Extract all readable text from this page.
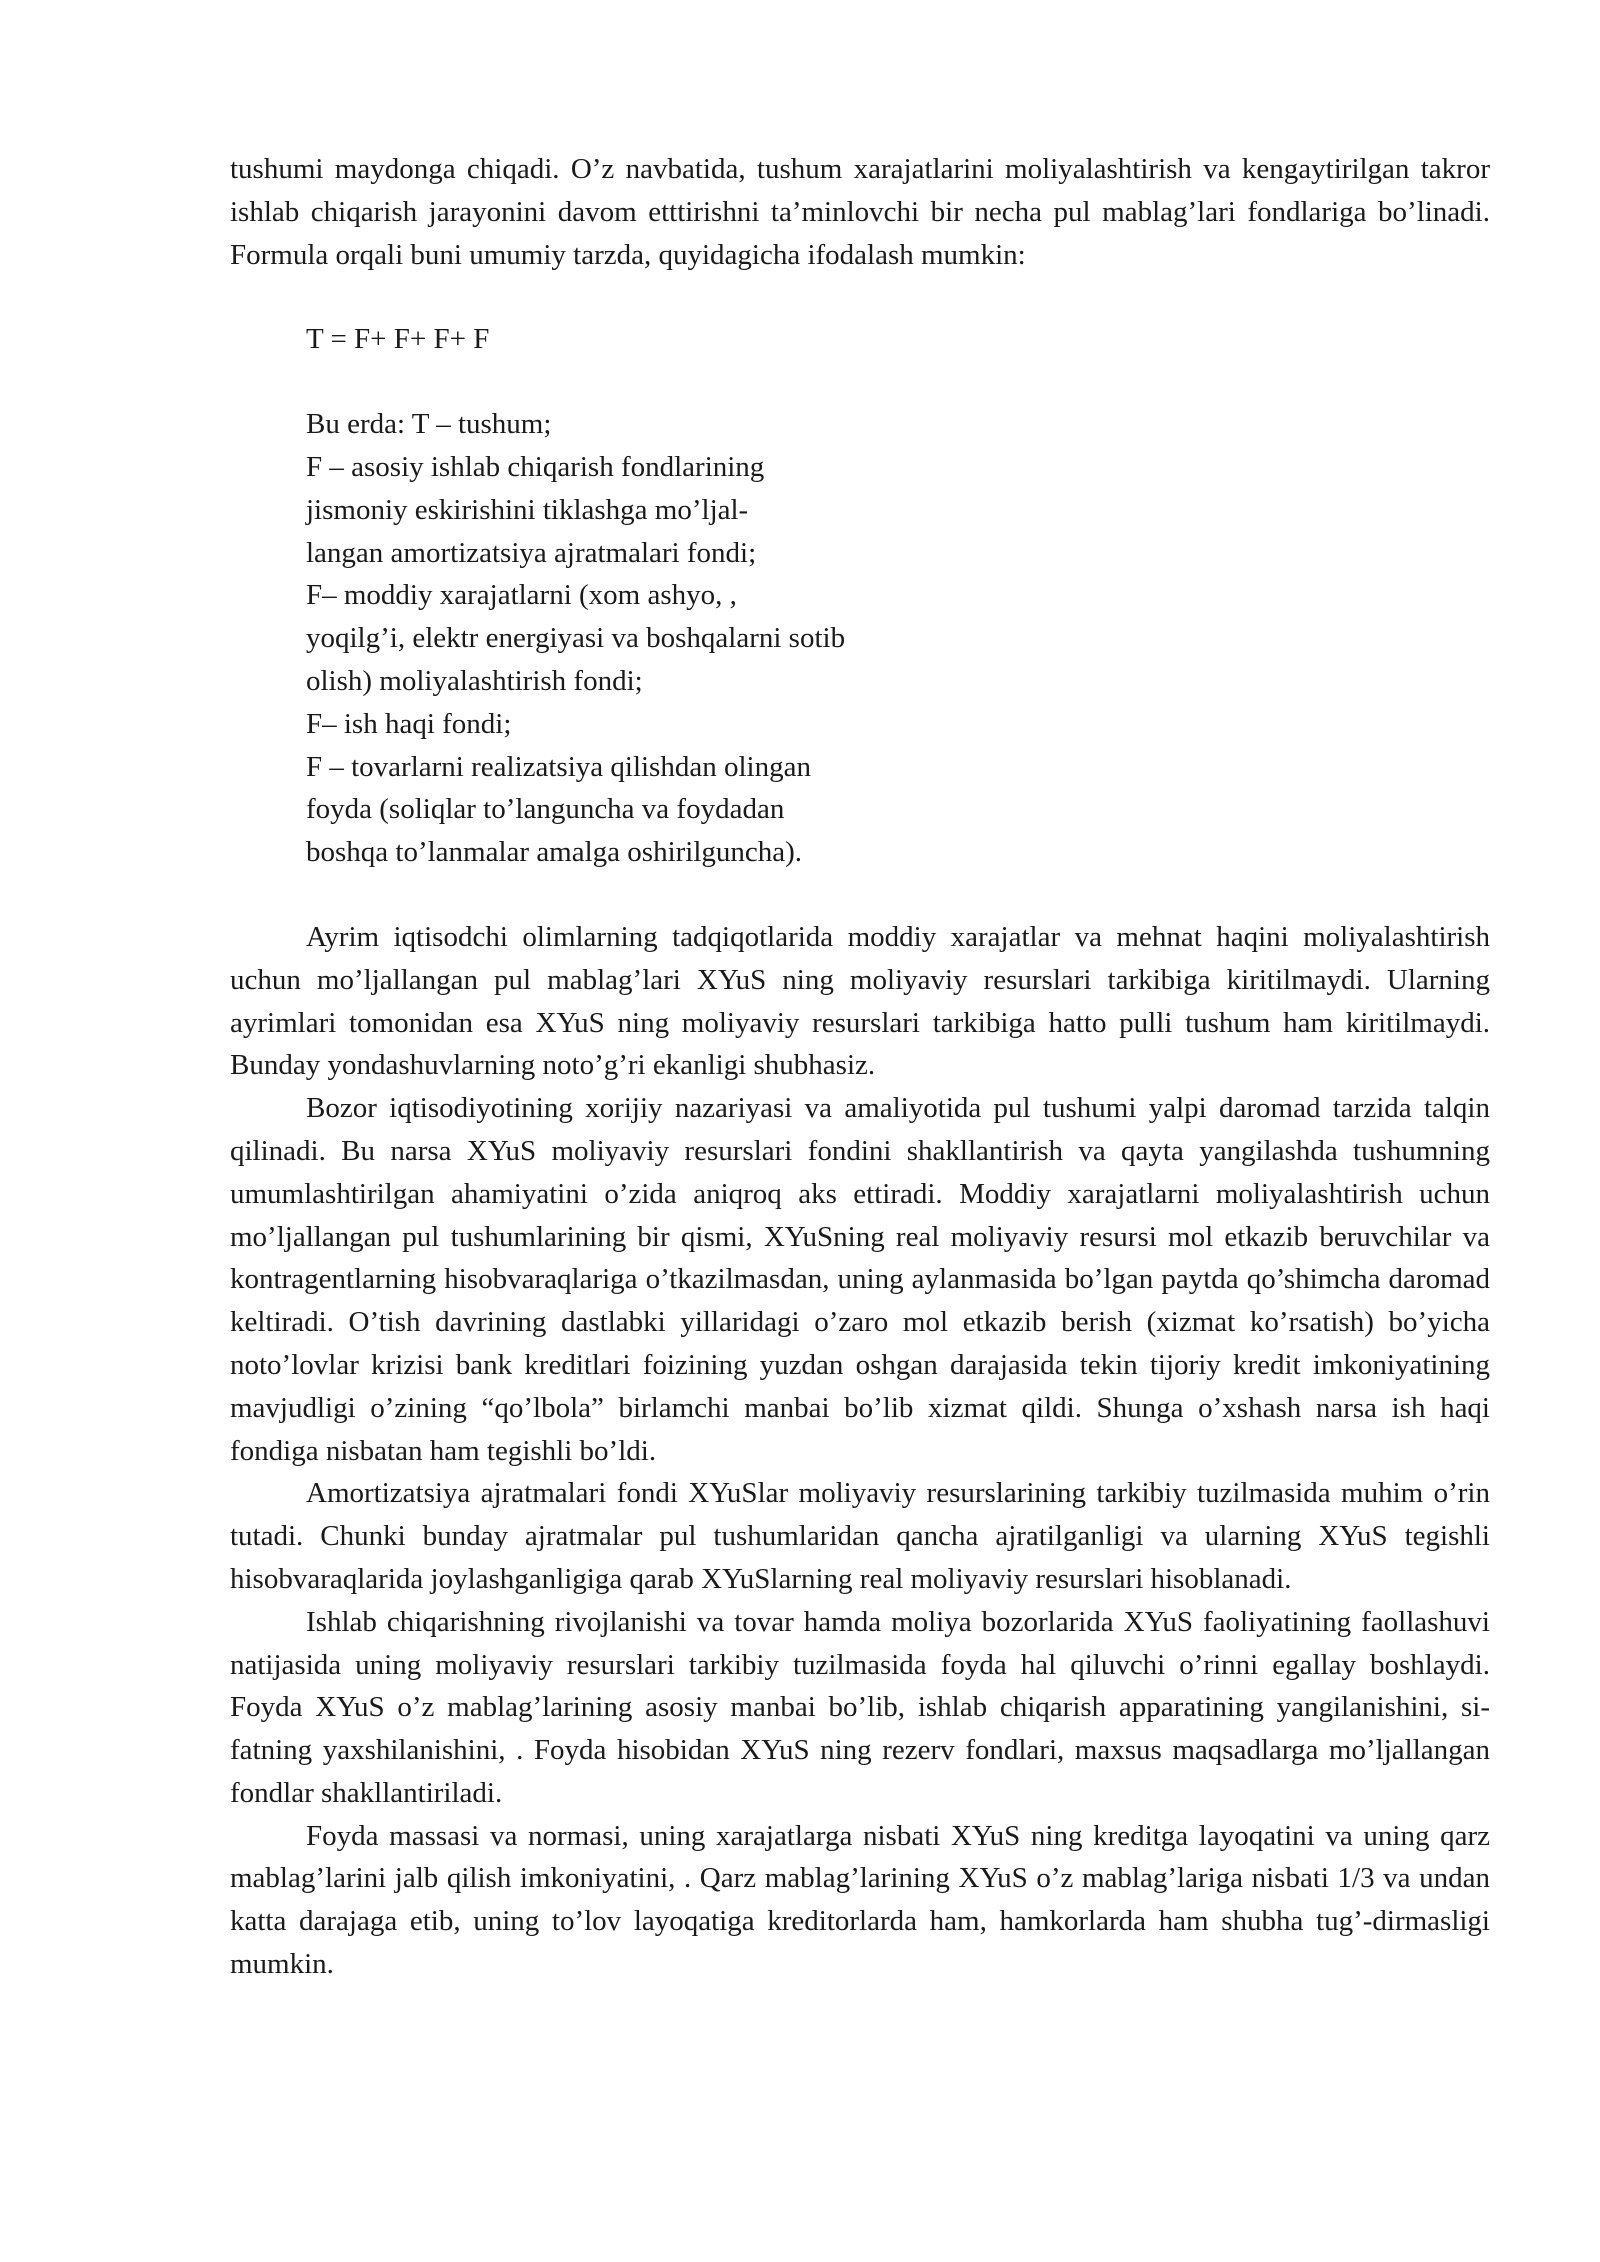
tushumi maydonga chiqadi. O’z navbatida, tushum xarajatlarini moliyalashtirish va kengaytirilgan takror ishlab chiqarish jarayonini davom etttirishni ta’minlovchi bir necha pul mablag’lari fondlariga bo’linadi. Formula orqali buni umumiy tarzda, quyidagicha ifodalash mumkin:

T = F+ F+ F+ F
Bu erda: T – tushum;
F – asosiy ishlab chiqarish fondlarining
jismoniy eskirishini tiklashga mo’ljal-
langan amortizatsiya ajratmalari fondi;
F– moddiy xarajatlarni (xom ashyo, ,
yoqilg’i, elektr energiyasi va boshqalarni sotib
olish) moliyalashtirish fondi;
F– ish haqi fondi;
F – tovarlarni realizatsiya qilishdan olingan
foyda (soliqlar to’languncha va foydadan
boshqa to’lanmalar amalga oshirilguncha).

Ayrim iqtisodchi olimlarning tadqiqotlarida moddiy xarajatlar va mehnat haqini moliyalashtirish uchun mo’ljallangan pul mablag’lari XYuS ning moliyaviy resurslari tarkibiga kiritilmaydi. Ularning ayrimlari tomonidan esa XYuS ning moliyaviy resurslari tarkibiga hatto pulli tushum ham kiritilmaydi. Bunday yondashuvlarning noto’g’ri ekanligi shubhasiz.

Bozor iqtisodiyotining xorijiy nazariyasi va amaliyotida pul tushumi yalpi daromad tarzida talqin qilinadi. Bu narsa XYuS moliyaviy resurslari fondini shakllantirish va qayta yangilashda tushumning umumlashtirilgan ahamiyatini o’zida aniqroq aks ettiradi. Moddiy xarajatlarni moliyalashtirish uchun mo’ljallangan pul tushumlarining bir qismi, XYuSning real moliyaviy resursi mol etkazib beruvchilar va kontragentlarning hisobvaraqlariga o’tkazilmasdan, uning aylanmasida bo’lgan paytda qo’shimcha daromad keltiradi. O’tish davrining dastlabki yillaridagi o’zaro mol etkazib berish (xizmat ko’rsatish) bo’yicha noto’lovlar krizisi bank kreditlari foizining yuzdan oshgan darajasida tekin tijoriy kredit imkoniyatining mavjudligi o’zining “qo’lbola” birlamchi manbai bo’lib xizmat qildi. Shunga o’xshash narsa ish haqi fondiga nisbatan ham tegishli bo’ldi.

Amortizatsiya ajratmalari fondi XYuSlar moliyaviy resurslarining tarkibiy tuzilmasida muhim o’rin tutadi. Chunki bunday ajratmalar pul tushumlaridan qancha ajratilganligi va ularning XYuS tegishli hisobvaraqlarida joylashganligiga qarab XYuSlarning real moliyaviy resurslari hisoblanadi.

Ishlab chiqarishning rivojlanishi va tovar hamda moliya bozorlarida XYuS faoliyatining faollashuvi natijasida uning moliyaviy resurslari tarkibiy tuzilmasida foyda hal qiluvchi o’rinni egallay boshlaydi. Foyda XYuS o’z mablag’larining asosiy manbai bo’lib, ishlab chiqarish apparatining yangilanishini, si-fatning yaxshilanishini, . Foyda hisobidan XYuS ning rezerv fondlari, maxsus maqsadlarga mo’ljallangan fondlar shakllantiriladi.

Foyda massasi va normasi, uning xarajatlarga nisbati XYuS ning kreditga layoqatini va uning qarz mablag’larini jalb qilish imkoniyatini, . Qarz mablag’larining XYuS o’z mablag’lariga nisbati 1/3 va undan katta darajaga etib, uning to’lov layoqatiga kreditorlarda ham, hamkorlarda ham shubha tug’-dirmasligi mumkin.
